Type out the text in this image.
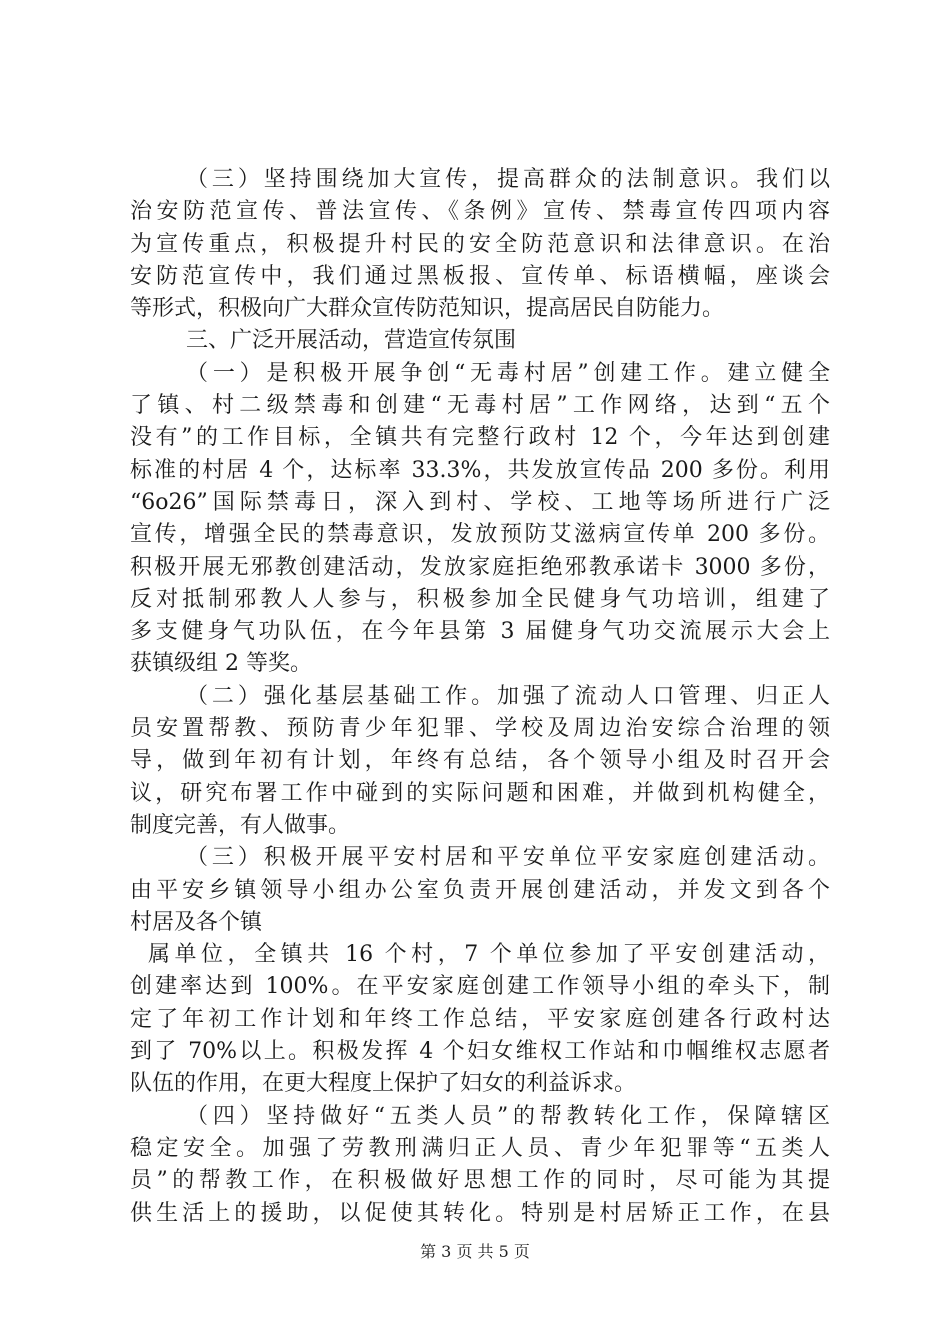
（三）坚持围绕加大宣传，提高群众的法制意识。我们以
治安防范宣传、普法宣传、《条例》宣传、禁毒宣传四项内容
为宣传重点，积极提升村民的安全防范意识和法律意识。在治
安防范宣传中，我们通过黑板报、宣传单、标语横幅，座谈会
等形式，积极向广大群众宣传防范知识，提高居民自防能力。
三、广泛开展活动，营造宣传氛围
（一）是积极开展争创“无毒村居”创建工作。建立健全
了镇、村二级禁毒和创建“无毒村居”工作网络，达到“五个
没有”的工作目标，全镇共有完整行政村 12 个，今年达到创建
标准的村居 4 个，达标率 33.3%，共发放宣传品 200 多份。利用
“6o26”国际禁毒日，深入到村、学校、工地等场所进行广泛
宣传，增强全民的禁毒意识，发放预防艾滋病宣传单 200 多份。
积极开展无邪教创建活动，发放家庭拒绝邪教承诺卡 3000 多份，
反对抵制邪教人人参与，积极参加全民健身气功培训，组建了
多支健身气功队伍，在今年县第 3 届健身气功交流展示大会上
获镇级组 2 等奖。
（二）强化基层基础工作。加强了流动人口管理、归正人
员安置帮教、预防青少年犯罪、学校及周边治安综合治理的领
导，做到年初有计划，年终有总结，各个领导小组及时召开会
议，研究布署工作中碰到的实际问题和困难，并做到机构健全，
制度完善，有人做事。
（三）积极开展平安村居和平安单位平安家庭创建活动。
由平安乡镇领导小组办公室负责开展创建活动，并发文到各个
村居及各个镇
属单位，全镇共 16 个村，7 个单位参加了平安创建活动，
创建率达到 100%。在平安家庭创建工作领导小组的牵头下，制
定了年初工作计划和年终工作总结，平安家庭创建各行政村达
到了 70%以上。积极发挥 4 个妇女维权工作站和巾帼维权志愿者
队伍的作用，在更大程度上保护了妇女的利益诉求。
（四）坚持做好“五类人员”的帮教转化工作，保障辖区
稳定安全。加强了劳教刑满归正人员、青少年犯罪等“五类人
员”的帮教工作，在积极做好思想工作的同时，尽可能为其提
供生活上的援助，以促使其转化。特别是村居矫正工作，在县
第 3 页 共 5 页
